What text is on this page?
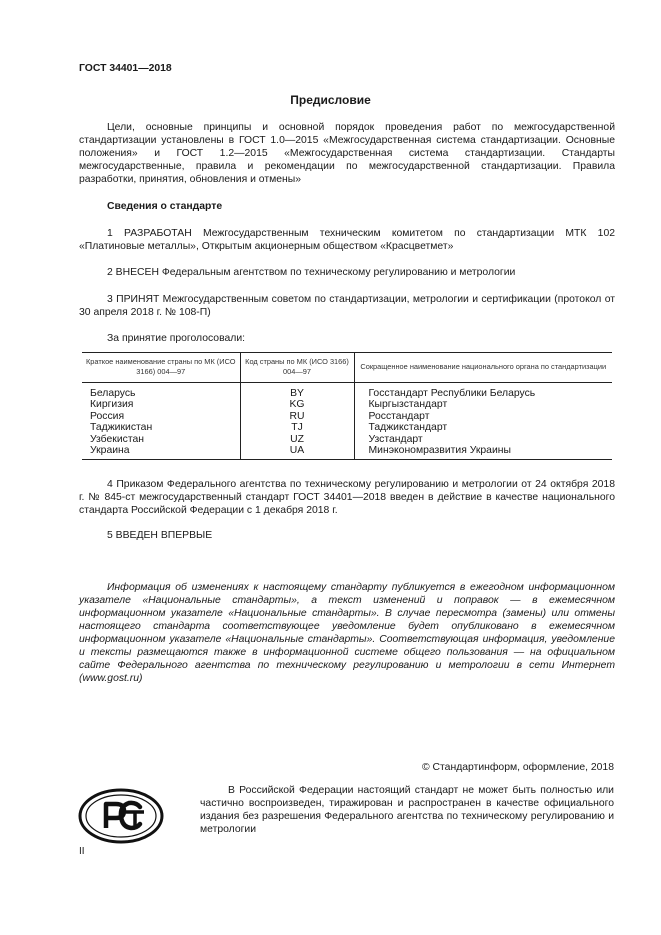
ГОСТ 34401—2018
Предисловие

Цели, основные принципы и основной порядок проведения работ по межгосударственной стандартизации установлены в ГОСТ 1.0—2015 «Межгосударственная система стандартизации. Основные положения» и ГОСТ 1.2—2015 «Межгосударственная система стандартизации. Стандарты межгосударственные, правила и рекомендации по межгосударственной стандартизации. Правила разработки, принятия, обновления и отмены»

Сведения о стандарте

1 РАЗРАБОТАН Межгосударственным техническим комитетом по стандартизации МТК 102 «Платиновые металлы», Открытым акционерным обществом «Красцветмет»

2 ВНЕСЕН Федеральным агентством по техническому регулированию и метрологии

3 ПРИНЯТ Межгосударственным советом по стандартизации, метрологии и сертификации (протокол от 30 апреля 2018 г. № 108-П)

За принятие проголосовали:

Краткое наименование страны по МК (ИСО 3166) 004—97	Код страны по МК (ИСО 3166) 004—97	Сокращенное наименование национального органа по стандартизации
Беларусь	BY	Госстандарт Республики Беларусь
Киргизия	KG	Кыргызстандарт
Россия	RU	Росстандарт
Таджикистан	TJ	Таджикстандарт
Узбекистан	UZ	Узстандарт
Украина	UA	Минэкономразвития Украины

4 Приказом Федерального агентства по техническому регулированию и метрологии от 24 октября 2018 г. № 845-ст межгосударственный стандарт ГОСТ 34401—2018 введен в действие в качестве национального стандарта Российской Федерации с 1 декабря 2018 г.

5 ВВЕДЕН ВПЕРВЫЕ

Информация об изменениях к настоящему стандарту публикуется в ежегодном информационном указателе «Национальные стандарты», а текст изменений и поправок — в ежемесячном информационном указателе «Национальные стандарты». В случае пересмотра (замены) или отмены настоящего стандарта соответствующее уведомление будет опубликовано в ежемесячном информационном указателе «Национальные стандарты». Соответствующая информация, уведомление и тексты размещаются также в информационной системе общего пользования — на официальном сайте Федерального агентства по техническому регулированию и метрологии в сети Интернет (www.gost.ru)

© Стандартинформ, оформление, 2018

В Российской Федерации настоящий стандарт не может быть полностью или частично воспроизведен, тиражирован и распространен в качестве официального издания без разрешения Федерального агентства по техническому регулированию и метрологии

II
